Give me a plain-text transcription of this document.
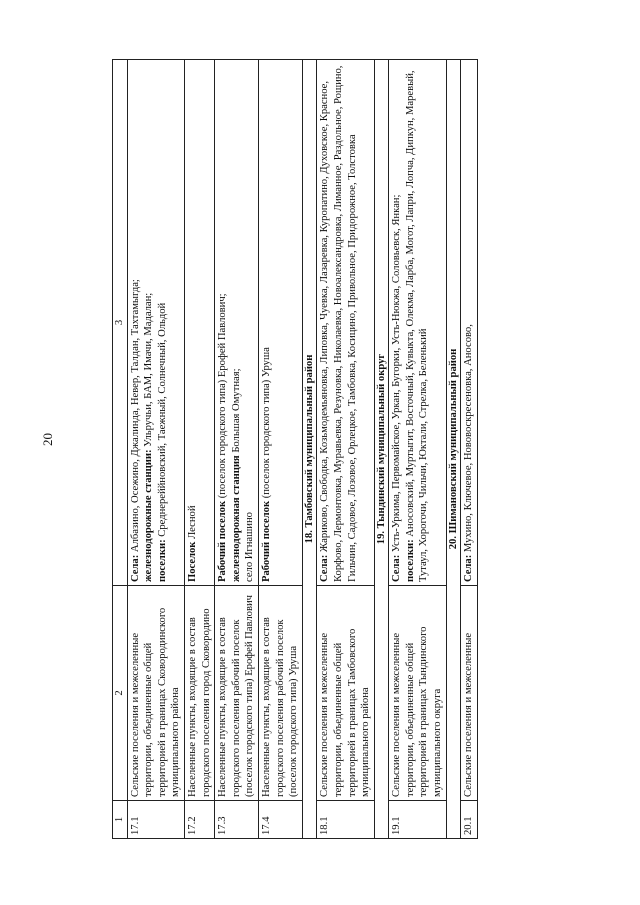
20
1	2	3
17.1	Сельские поселения и межселенные территории, объединенные общей территорией в границах Сковородинского муниципального района	Села: Албазино, Осежино, Джалинда, Невер, Талдан, Тахтамыгда; железнодорожные станции: Ульручьи, БАМ, Имачи, Мадалан;
поселки: Среднереййновский, Таежный, Солнечный, Ольдой
17.2	Населенные пункты, входящие в состав городского поселения город Сковородино	Поселок Лесной
17.3	Населенные пункты, входящие в состав городского поселения рабочий поселок (поселок городского типа) Ерофей Павлович	Рабочий поселок (поселок городского типа) Ерофей Павлович;
железнодорожная станция Большая Омутная;
село Игнашино
17.4	Населенные пункты, входящие в состав городского поселения рабочий поселок (поселок городского типа) Уруша	Рабочий поселок (поселок городского типа) Уруша
18. Тамбовский муниципальный район		
18.1	Сельские поселения и межселенные территории, объединенные общей территорией в границах Тамбовского муниципального района	Села: Жариково, Свободка, Козьмодемьяновка, Липовка, Чуевка, Лазаревка, Куропатино, Духовское, Красное, Корфово, Лермонтовка, Муравьевка, Резуновка, Николаевка, Новоалександровка, Лиманное, Раздольное, Рощино, Гильчин, Садовое, Лозовое, Орлецкое, Тамбовка, Косицино, Привольное, Придорожное, Толстовка
19. Тындинский муниципальный округ		
19.1	Сельские поселения и межселенные территории, объединенные общей территорией в границах Тындинского муниципального округа	Села: Усть-Уркима, Первомайское, Уркан, Бугорки, Усть-Нюкжа, Соловьевск, Янкан;
поселки: Аносовский, Муртыгит, Восточный, Кувыкта, Олекма, Ларба, Могот, Лапри, Лопча, Дипкун, Маревый, Тутаул, Хорогочи, Чильчи, Юктали, Стрелка, Беленький
20. Шимановский муниципальный район		
20.1	Сельские поселения и межселенные	Села: Мухино, Ключевое, Нововоскресеновка, Аносово,
